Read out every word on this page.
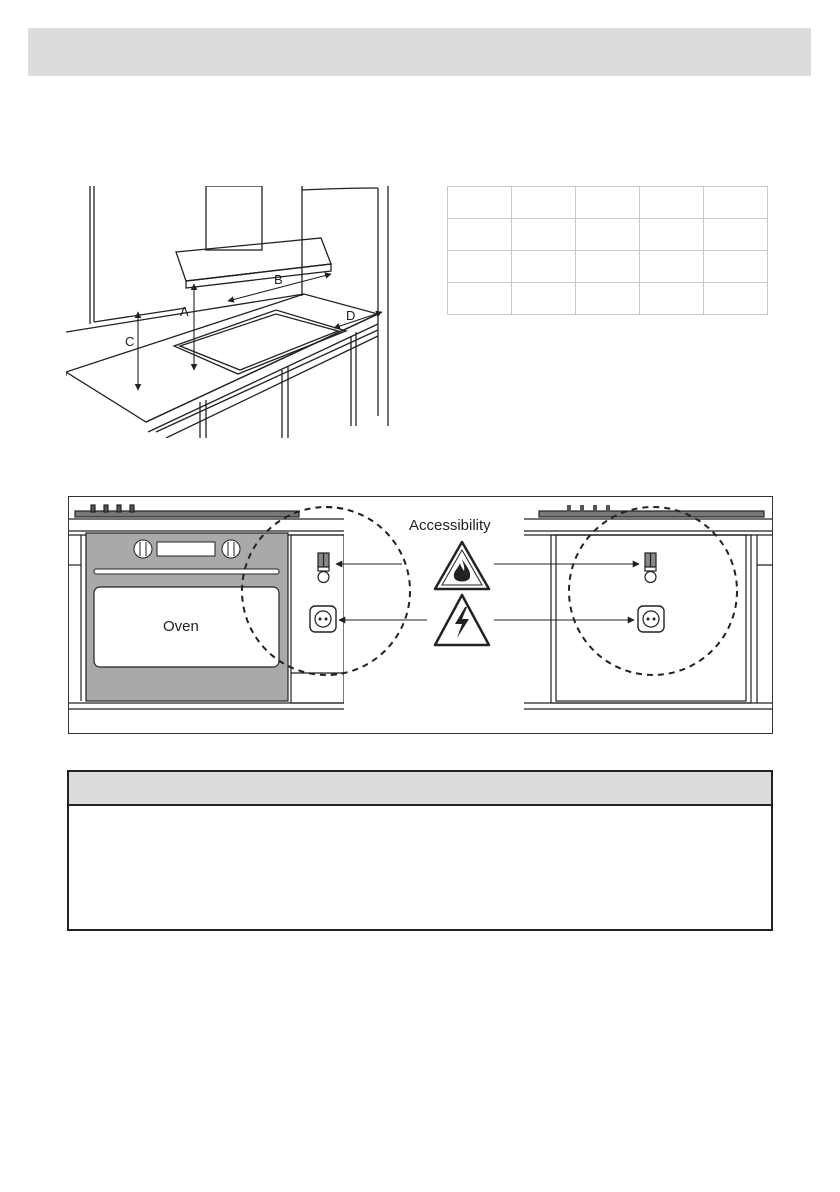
C
A
B
D

Oven
Accessibility
